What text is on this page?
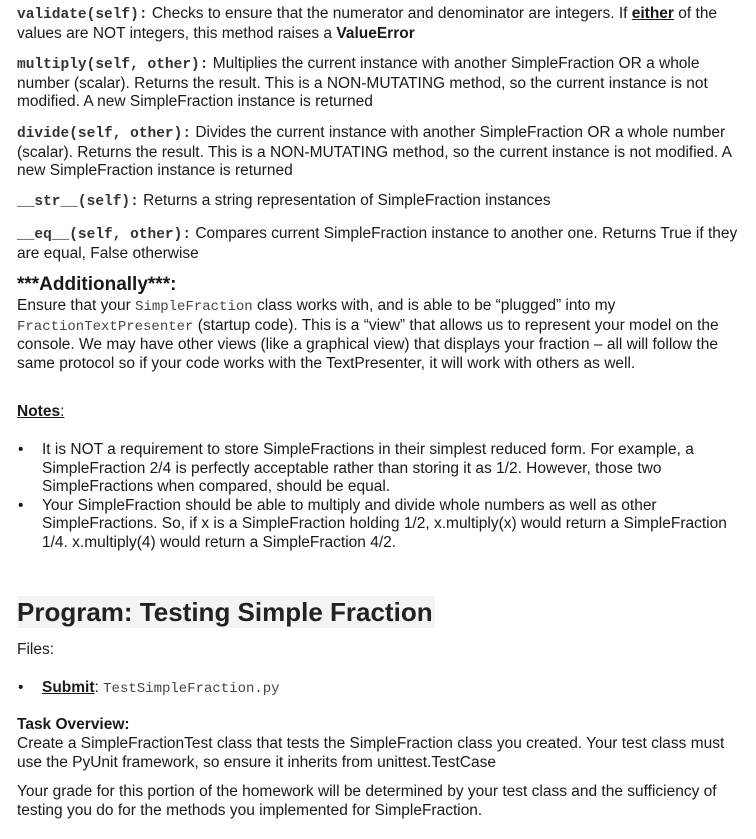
validate(self): Checks to ensure that the numerator and denominator are integers. If either of the values are NOT integers, this method raises a ValueError
multiply(self, other): Multiplies the current instance with another SimpleFraction OR a whole number (scalar). Returns the result. This is a NON-MUTATING method, so the current instance is not modified. A new SimpleFraction instance is returned
divide(self, other): Divides the current instance with another SimpleFraction OR a whole number (scalar). Returns the result. This is a NON-MUTATING method, so the current instance is not modified. A new SimpleFraction instance is returned
__str__(self): Returns a string representation of SimpleFraction instances
__eq__(self, other): Compares current SimpleFraction instance to another one. Returns True if they are equal, False otherwise
***Additionally***:
Ensure that your SimpleFraction class works with, and is able to be “plugged” into my FractionTextPresenter (startup code). This is a “view” that allows us to represent your model on the console. We may have other views (like a graphical view) that displays your fraction – all will follow the same protocol so if your code works with the TextPresenter, it will work with others as well.
Notes:
• It is NOT a requirement to store SimpleFractions in their simplest reduced form. For example, a SimpleFraction 2/4 is perfectly acceptable rather than storing it as 1/2. However, those two SimpleFractions when compared, should be equal.
• Your SimpleFraction should be able to multiply and divide whole numbers as well as other SimpleFractions. So, if x is a SimpleFraction holding 1/2, x.multiply(x) would return a SimpleFraction 1/4. x.multiply(4) would return a SimpleFraction 4/2.
Program: Testing Simple Fraction
Files:
• Submit: TestSimpleFraction.py
Task Overview:
Create a SimpleFractionTest class that tests the SimpleFraction class you created. Your test class must use the PyUnit framework, so ensure it inherits from unittest.TestCase
Your grade for this portion of the homework will be determined by your test class and the sufficiency of testing you do for the methods you implemented for SimpleFraction.
